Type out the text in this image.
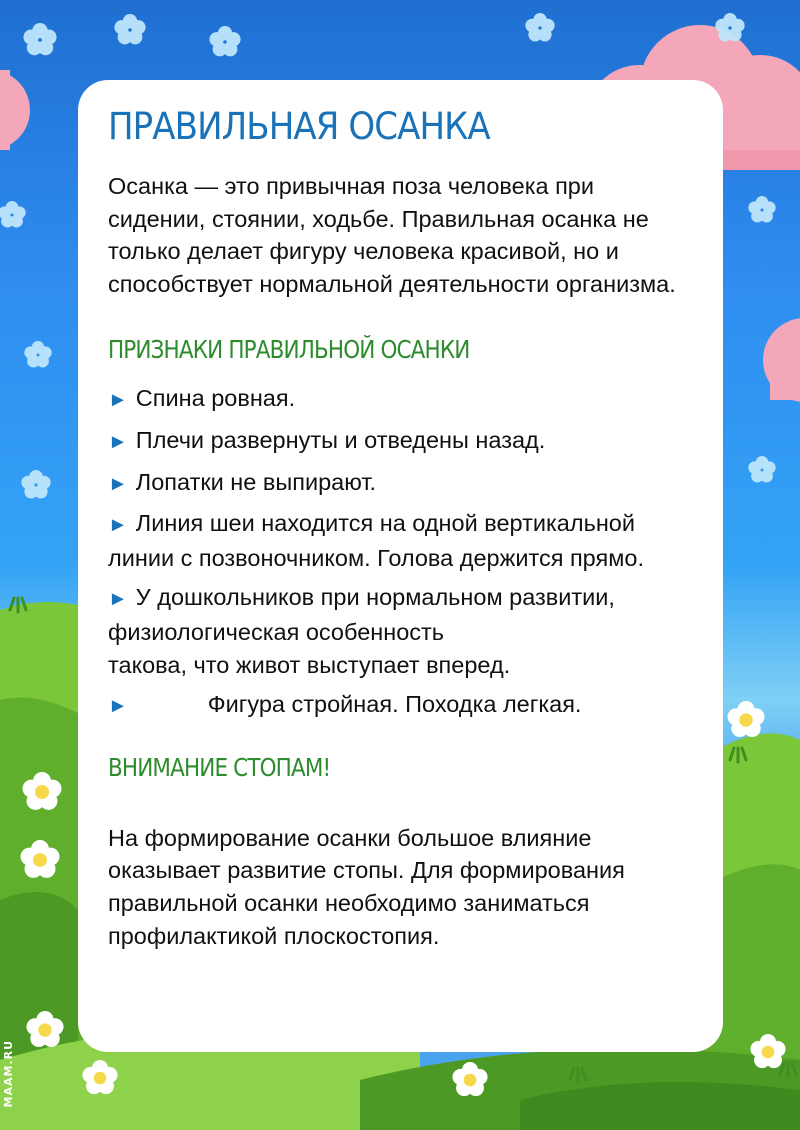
ПРАВИЛЬНАЯ ОСАНКА

Осанка — это привычная поза человека при сидении, стоянии, ходьбе. Правильная осанка не только делает фигуру человека красивой, но и способствует нормальной деятельности организма.

ПРИЗНАКИ ПРАВИЛЬНОЙ ОСАНКИ
► Спина ровная.
► Плечи развернуты и отведены назад.
► Лопатки не выпирают.
► Линия шеи находится на одной вертикальной линии с позвоночником. Голова держится прямо.
► У дошкольников при нормальном развитии, физиологическая особенность
такова, что живот выступает вперед.
►	Фигура стройная. Походка легкая.
ВНИМАНИЕ СТОПАМ!

На формирование осанки большое влияние оказывает развитие стопы. Для формирования правильной осанки необходимо заниматься профилактикой плоскостопия.

MAAM.RU
